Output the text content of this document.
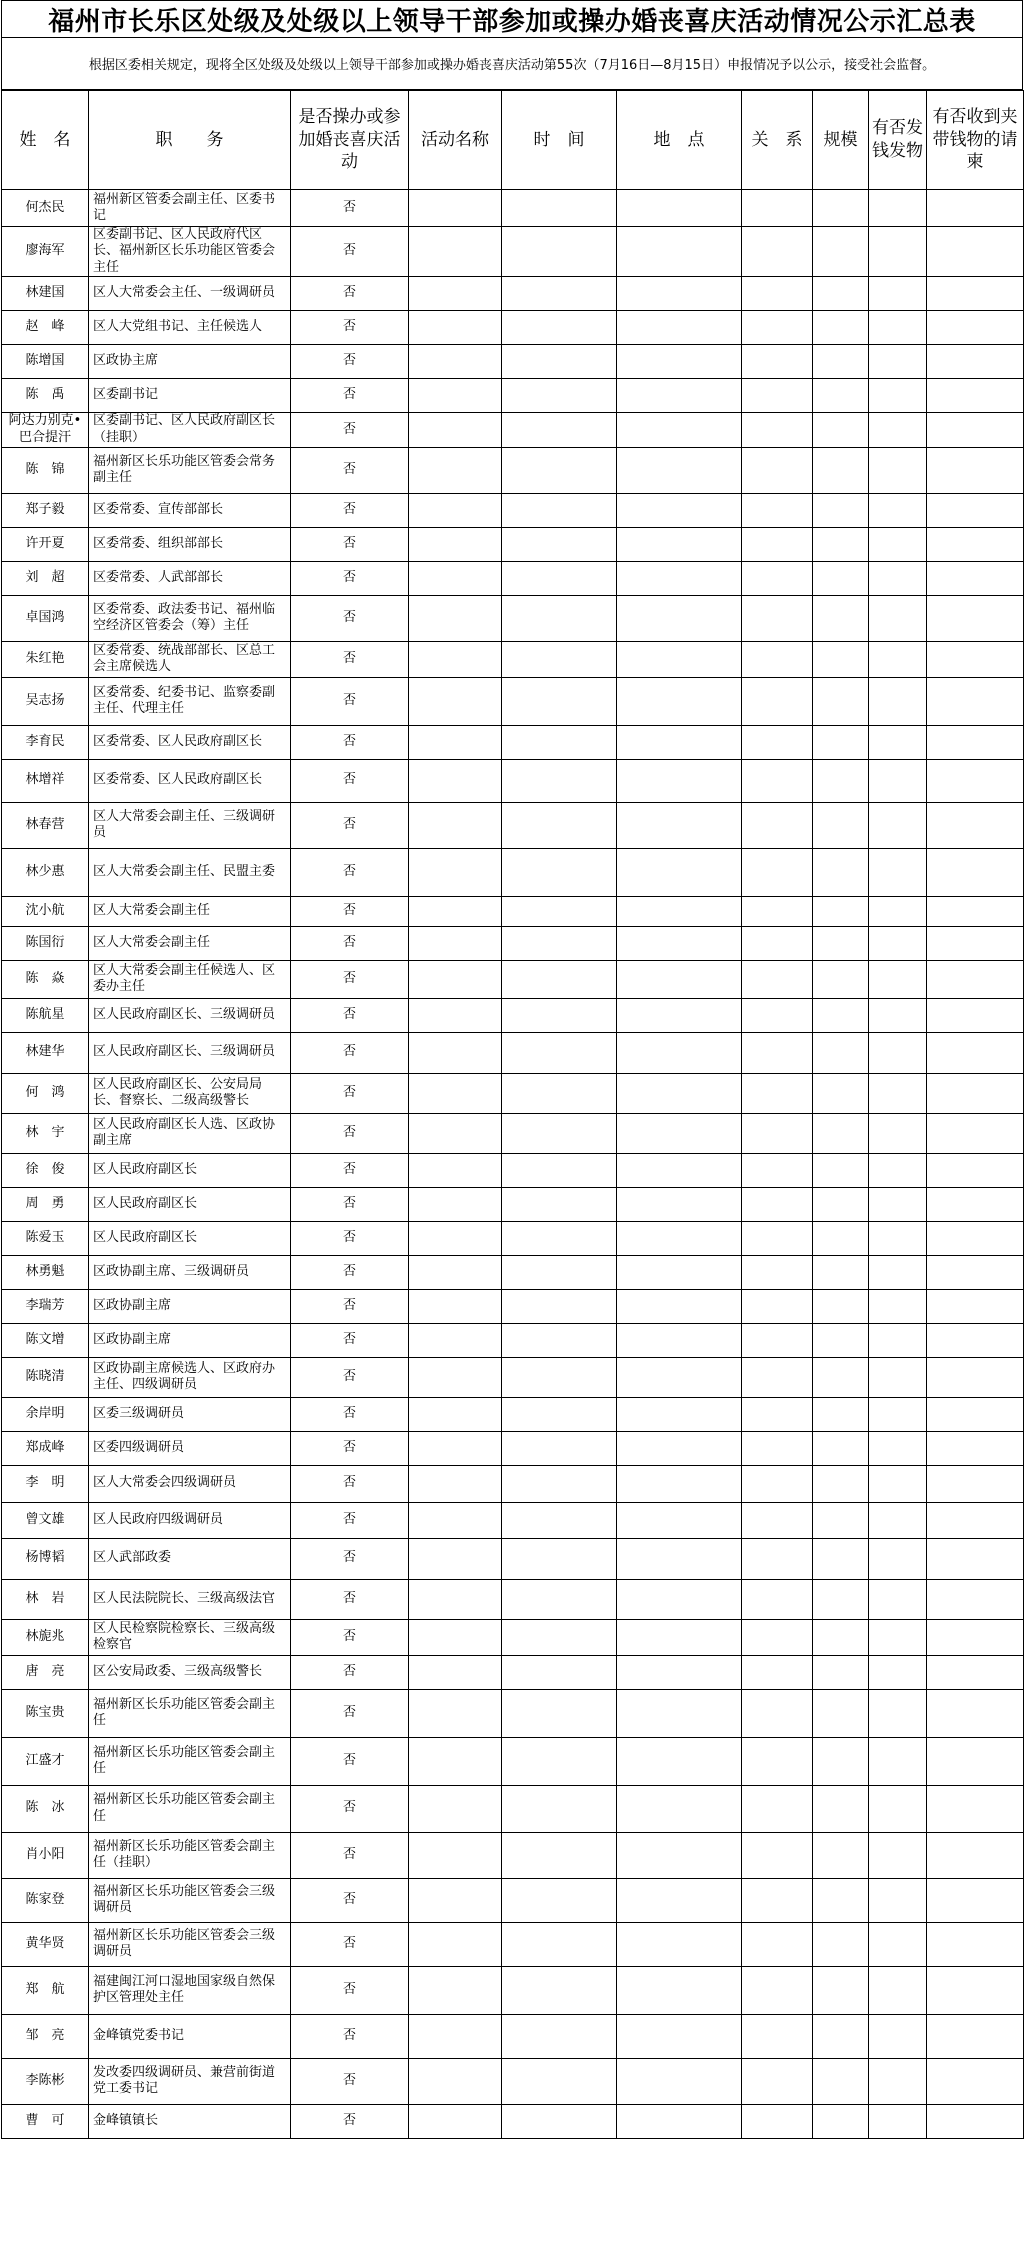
福州市长乐区处级及处级以上领导干部参加或操办婚丧喜庆活动情况公示汇总表
根据区委相关规定，现将全区处级及处级以上领导干部参加或操办婚丧喜庆活动第55次（7月16日—8月15日）申报情况予以公示，接受社会监督。
姓　名	职　　务	是否操办或参加婚丧喜庆活动	活动名称	时　间	地　点	关　系	规模	有否发钱发物	有否收到夹带钱物的请柬
何杰民	福州新区管委会副主任、区委书记	否							
廖海军	区委副书记、区人民政府代区长、福州新区长乐功能区管委会主任	否							
林建国	区人大常委会主任、一级调研员	否							
赵　峰	区人大党组书记、主任候选人	否							
陈增国	区政协主席	否							
陈　禹	区委副书记	否							
阿达力别克•巴合提汗	区委副书记、区人民政府副区长（挂职）	否							
陈　锦	福州新区长乐功能区管委会常务副主任	否							
郑子毅	区委常委、宣传部部长	否							
许开夏	区委常委、组织部部长	否							
刘　超	区委常委、人武部部长	否							
卓国鸿	区委常委、政法委书记、福州临空经济区管委会（筹）主任	否							
朱红艳	区委常委、统战部部长、区总工会主席候选人	否							
吴志扬	区委常委、纪委书记、监察委副主任、代理主任	否							
李育民	区委常委、区人民政府副区长	否							
林增祥	区委常委、区人民政府副区长	否							
林春营	区人大常委会副主任、三级调研员	否							
林少惠	区人大常委会副主任、民盟主委	否							
沈小航	区人大常委会副主任	否							
陈国衍	区人大常委会副主任	否							
陈　焱	区人大常委会副主任候选人、区委办主任	否							
陈航星	区人民政府副区长、三级调研员	否							
林建华	区人民政府副区长、三级调研员	否							
何　鸿	区人民政府副区长、公安局局长、督察长、二级高级警长	否							
林　宇	区人民政府副区长人选、区政协副主席	否							
徐　俊	区人民政府副区长	否							
周　勇	区人民政府副区长	否							
陈爱玉	区人民政府副区长	否							
林勇魁	区政协副主席、三级调研员	否							
李瑞芳	区政协副主席	否							
陈文增	区政协副主席	否							
陈晓清	区政协副主席候选人、区政府办主任、四级调研员	否							
余岸明	区委三级调研员	否							
郑成峰	区委四级调研员	否							
李　明	区人大常委会四级调研员	否							
曾文雄	区人民政府四级调研员	否							
杨博韬	区人武部政委	否							
林　岩	区人民法院院长、三级高级法官	否							
林旎兆	区人民检察院检察长、三级高级检察官	否							
唐　亮	区公安局政委、三级高级警长	否							
陈宝贵	福州新区长乐功能区管委会副主任	否							
江盛才	福州新区长乐功能区管委会副主任	否							
陈　冰	福州新区长乐功能区管委会副主任	否							
肖小阳	福州新区长乐功能区管委会副主任（挂职）	否							
陈家登	福州新区长乐功能区管委会三级调研员	否							
黄华贤	福州新区长乐功能区管委会三级调研员	否							
郑　航	福建闽江河口湿地国家级自然保护区管理处主任	否							
邹　亮	金峰镇党委书记	否							
李陈彬	发改委四级调研员、兼营前街道党工委书记	否							
曹　可	金峰镇镇长	否							
